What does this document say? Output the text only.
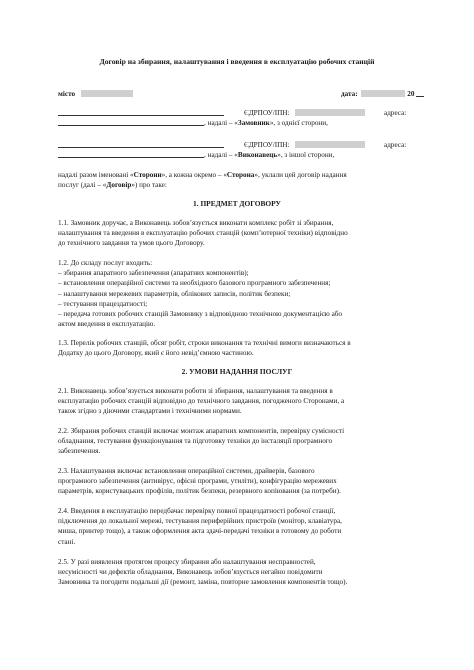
Договір на збирання, налаштування і введення в експлуатацію робочих станцій
місто	дата:	20
ЄДРПОУ/ІПН:	адреса:
, надалі – «Замовник», з однієї сторони,
ЄДРПОУ/ІПН:	адреса:
, надалі – «Виконавець», з іншої сторони,

надалі разом іменовані «Сторони», а кожна окремо – «Сторона», уклали цей договір надання

послуг (далі – «Договір») про таке:

1. ПРЕДМЕТ ДОГОВОРУ

1.1. Замовник доручає, а Виконавець зобов’язується виконати комплекс робіт зі збирання,

налаштування та введення в експлуатацію робочих станцій (комп’ютерної техніки) відповідно

до технічного завдання та умов цього Договору.

1.2. До складу послуг входить:

– збирання апаратного забезпечення (апаратних компонентів);

– встановлення операційної системи та необхідного базового програмного забезпечення;

– налаштування мережевих параметрів, облікових записів, політик безпеки;

– тестування працездатності;

– передача готових робочих станцій Замовнику з відповідною технічною документацією або

актом введення в експлуатацію.

1.3. Перелік робочих станцій, обсяг робіт, строки виконання та технічні вимоги визначаються в

Додатку до цього Договору, який є його невід’ємною частиною.

2. УМОВИ НАДАННЯ ПОСЛУГ

2.1. Виконавець зобов’язується виконати роботи зі збирання, налаштування та введення в

експлуатацію робочих станцій відповідно до технічного завдання, погодженого Сторонами, а

також згідно з діючими стандартами і технічними нормами.

2.2. Збирання робочих станцій включає монтаж апаратних компонентів, перевірку сумісності

обладнання, тестування функціонування та підготовку техніки до інсталяції програмного

забезпечення.

2.3. Налаштування включає встановлення операційної системи, драйверів, базового

програмного забезпечення (антивірус, офісні програми, утиліти), конфігурацію мережевих

параметрів, користувацьких профілів, політик безпеки, резервного копіювання (за потреби).

2.4. Введення в експлуатацію передбачає перевірку повної працездатності робочої станції,

підключення до локальної мережі, тестування периферійних пристроїв (монітор, клавіатура,

миша, принтер тощо), а також оформлення акта здачі-передачі техніки в готовому до роботи

стані.

2.5. У разі виявлення протягом процесу збирання або налаштування несправностей,

несумісності чи дефектів обладнання, Виконавець зобов’язується негайно повідомити

Замовника та погодити подальші дії (ремонт, заміна, повторне замовлення компонентів тощо).
